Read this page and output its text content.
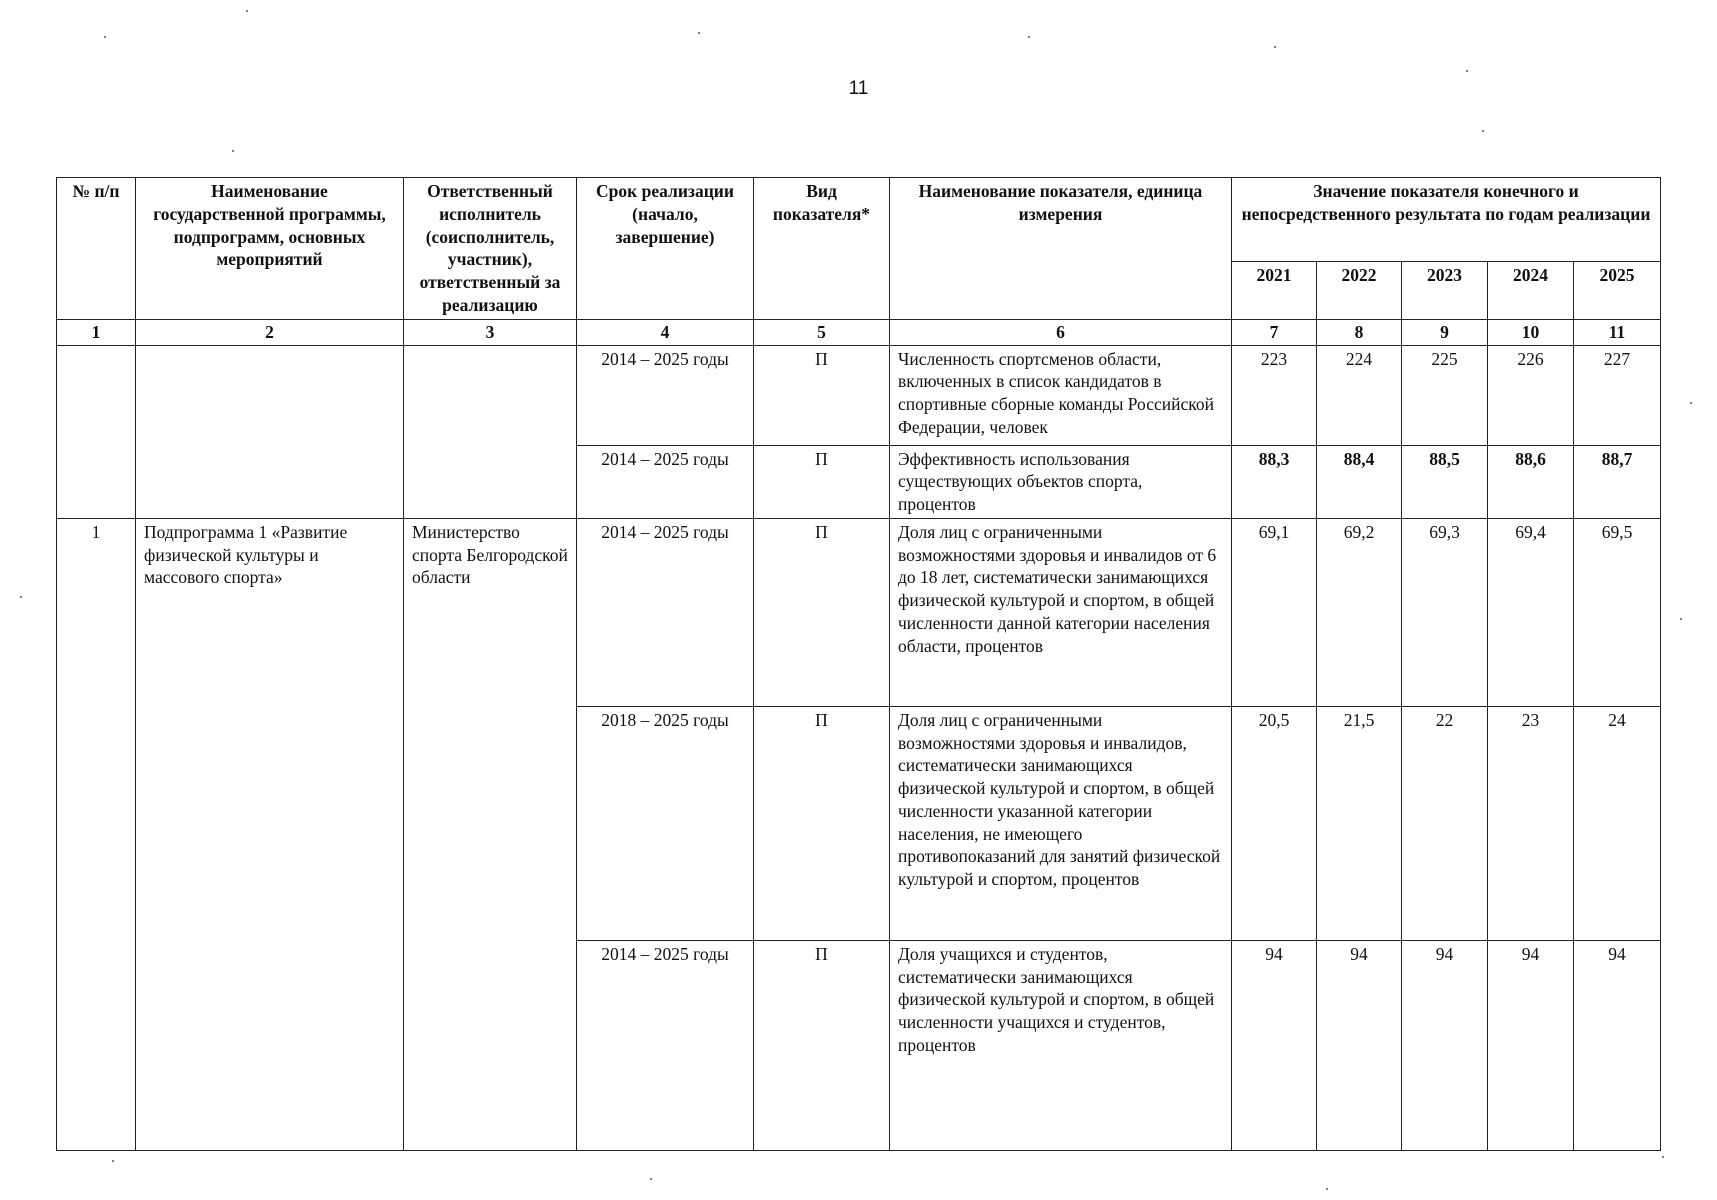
11
№ п/п	Наименование государственной программы, подпрограмм, основных мероприятий	Ответственный исполнитель (соисполнитель, участник), ответственный за реализацию	Срок реализации (начало, завершение)	Вид показателя*	Наименование показателя, единица измерения	Значение показателя конечного и непосредственного результата по годам реализации				
						2021	2022	2023	2024	2025
1	2	3	4	5	6	7	8	9	10	11
			2014 – 2025 годы	П	Численность спортсменов области, включенных в список кандидатов в спортивные сборные команды Российской Федерации, человек	223	224	225	226	227
			2014 – 2025 годы	П	Эффективность использования существующих объектов спорта, процентов	88,3	88,4	88,5	88,6	88,7
1	Подпрограмма 1 «Развитие физической культуры и массового спорта»	Министерство спорта Белгородской области	2014 – 2025 годы	П	Доля лиц с ограниченными возможностями здоровья и инвалидов от 6 до 18 лет, систематически занимающихся физической культурой и спортом, в общей численности данной категории населения области, процентов	69,1	69,2	69,3	69,4	69,5
			2018 – 2025 годы	П	Доля лиц с ограниченными возможностями здоровья и инвалидов, систематически занимающихся физической культурой и спортом, в общей численности указанной категории населения, не имеющего противопоказаний для занятий физической культурой и спортом, процентов	20,5	21,5	22	23	24
			2014 – 2025 годы	П	Доля учащихся и студентов, систематически занимающихся физической культурой и спортом, в общей численности учащихся и студентов, процентов	94	94	94	94	94
